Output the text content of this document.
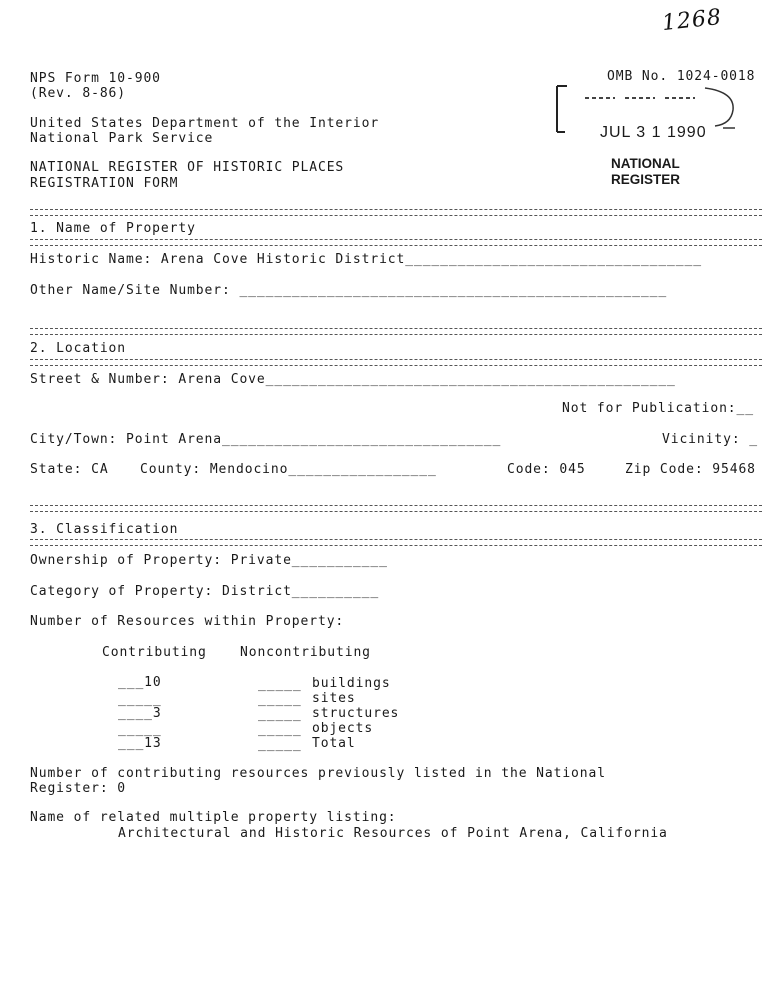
1268
NPS Form 10-900
(Rev. 8-86)
OMB No. 1024-0018
JUL 3 1 1990
United States Department of the Interior
National Park Service
NATIONAL REGISTER OF HISTORIC PLACES
REGISTRATION FORM
NATIONAL
REGISTER
1. Name of Property
Historic Name: Arena Cove Historic District__________________________________
Other Name/Site Number: _________________________________________________
2. Location
Street & Number: Arena Cove_______________________________________________
Not for Publication:__
City/Town: Point Arena________________________________	Vicinity: _
State: CA County: Mendocino_________________	Code: 045	Zip Code: 95468
3. Classification
Ownership of Property: Private___________
Category of Property: District__________
Number of Resources within Property:
Contributing	Noncontributing
___10	_____ buildings
_____	_____ sites
____3	_____ structures
_____	_____ objects
___13	_____ Total
Number of contributing resources previously listed in the National
Register: 0
Name of related multiple property listing:
Architectural and Historic Resources of Point Arena, California
